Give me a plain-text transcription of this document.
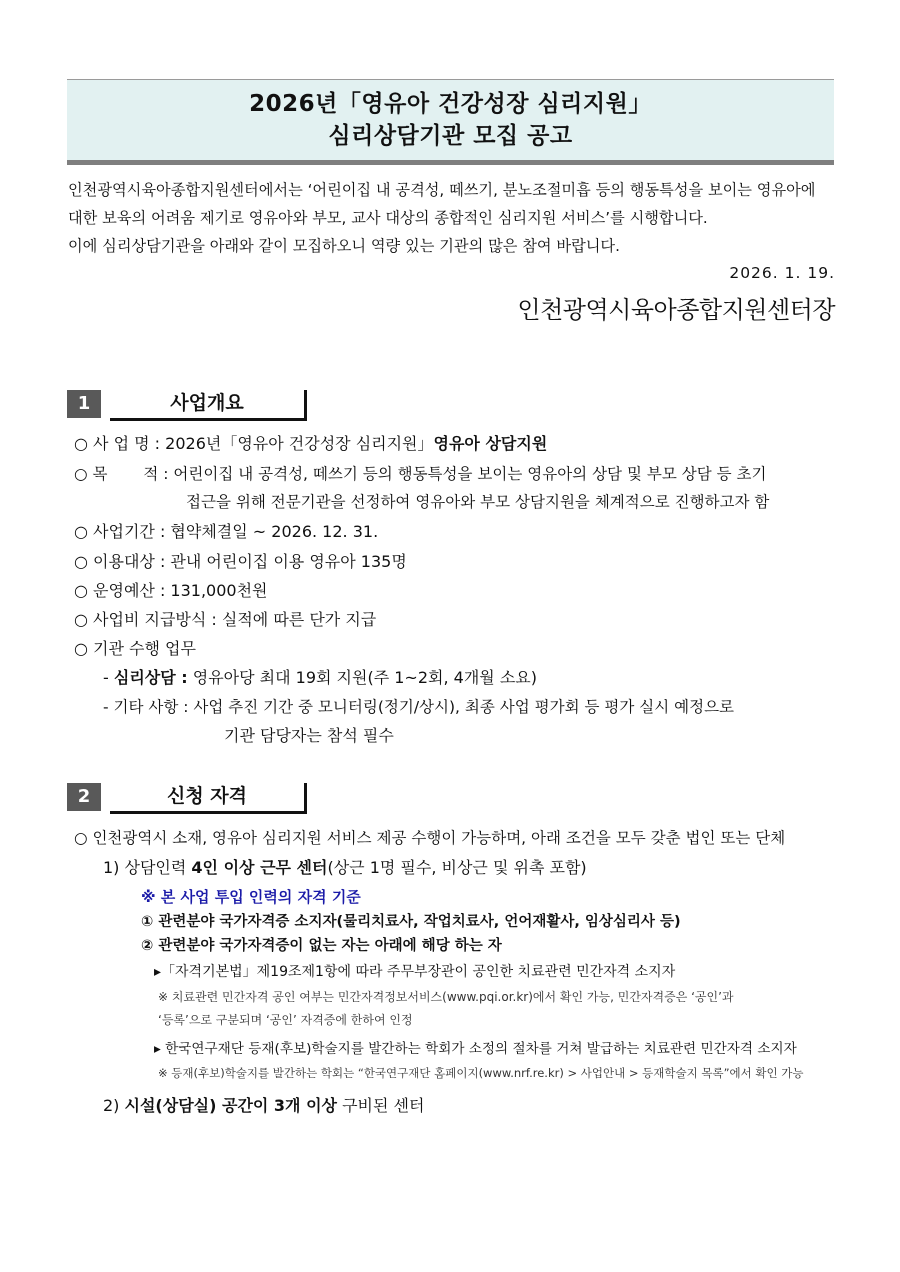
2026년「영유아 건강성장 심리지원」
심리상담기관 모집 공고
인천광역시육아종합지원센터에서는 ‘어린이집 내 공격성, 떼쓰기, 분노조절미흡 등의 행동특성을 보이는 영유아에
대한 보육의 어려움 제기로 영유아와 부모, 교사 대상의 종합적인 심리지원 서비스’를 시행합니다.
이에 심리상담기관을 아래와 같이 모집하오니 역량 있는 기관의 많은 참여 바랍니다.
2026. 1. 19.
인천광역시육아종합지원센터장
1	사업개요
○ 사 업 명 : 2026년「영유아 건강성장 심리지원」영유아 상담지원
○ 목 　　적 : 어린이집 내 공격성, 떼쓰기 등의 행동특성을 보이는 영유아의 상담 및 부모 상담 등 초기
접근을 위해 전문기관을 선정하여 영유아와 부모 상담지원을 체계적으로 진행하고자 함
○ 사업기간 : 협약체결일 ~ 2026. 12. 31.
○ 이용대상 : 관내 어린이집 이용 영유아 135명
○ 운영예산 : 131,000천원
○ 사업비 지급방식 : 실적에 따른 단가 지급
○ 기관 수행 업무
- 심리상담 : 영유아당 최대 19회 지원(주 1~2회, 4개월 소요)
- 기타 사항 : 사업 추진 기간 중 모니터링(정기/상시), 최종 사업 평가회 등 평가 실시 예정으로
기관 담당자는 참석 필수
2	신청 자격
○ 인천광역시 소재, 영유아 심리지원 서비스 제공 수행이 가능하며, 아래 조건을 모두 갖춘 법인 또는 단체
1) 상담인력 4인 이상 근무 센터(상근 1명 필수, 비상근 및 위촉 포함)
※ 본 사업 투입 인력의 자격 기준
① 관련분야 국가자격증 소지자(물리치료사, 작업치료사, 언어재활사, 임상심리사 등)
② 관련분야 국가자격증이 없는 자는 아래에 해당 하는 자
▸「자격기본법」제19조제1항에 따라 주무부장관이 공인한 치료관련 민간자격 소지자
※ 치료관련 민간자격 공인 여부는 민간자격정보서비스(www.pqi.or.kr)에서 확인 가능, 민간자격증은 ‘공인’과
‘등록’으로 구분되며 ‘공인’ 자격증에 한하여 인정
▸ 한국연구재단 등재(후보)학술지를 발간하는 학회가 소정의 절차를 거쳐 발급하는 치료관련 민간자격 소지자
※ 등재(후보)학술지를 발간하는 학회는 “한국연구재단 홈페이지(www.nrf.re.kr) > 사업안내 > 등재학술지 목록”에서 확인 가능
2) 시설(상담실) 공간이 3개 이상 구비된 센터
